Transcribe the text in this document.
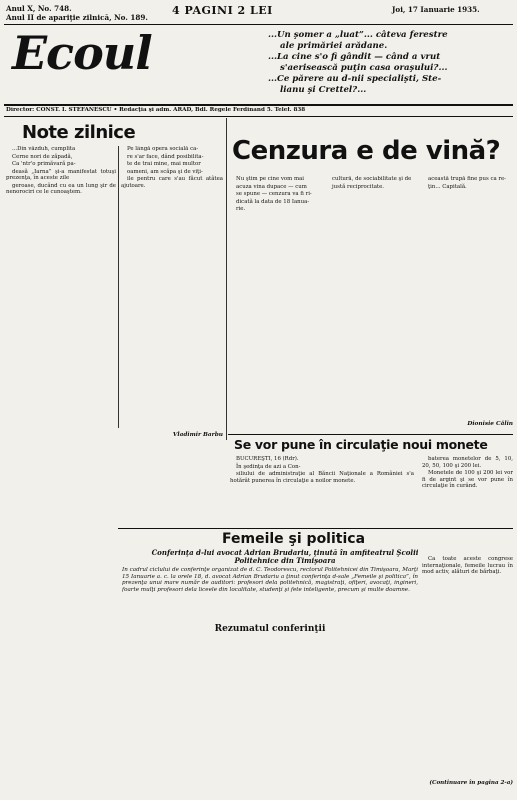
Anul X, No. 748.
Anul II de apariţie zilnică, No. 189.
4 PAGINI 2 LEI	Joi, 17 Ianuarie 1935.
Ecoul	...Un şomer a „luat”... câteva ferestre
ale primăriei arădane.
...La cine s'o fi gândit — când a vrut
s'aerisească puţin casa oraşului?...
...Ce părere au d-nii specialişti, Ste-
lianu şi Crettel?...
Director: CONST. I. STEFĂNESCU • Redacţia şi adm. ARAD, Bdl. Regele Ferdinand 5. Telef. 838
Note zilnice

...Din văzduh, cumplita

Cerne nori de zăpadă,

Ca 'ntr'o primăvară pa-

deasă „Iarna” şi-a manifestat totuşi prezenţa, în aceste zile

geroase, ducând cu ea un lung şir de nenorociri ce le cunoaştem.

Pe lângă opera socială ca-

re s'ar face, dând posibilita-

te de trai mine, mai multor

oameni, am scăpa şi de viţi-

ile pentru care s'au făcut atâtea ajutoare.

Vladimir Barbu
Cenzura e de vină?

Nu ştim pe cine vom mai

acuza vina dupace — cum

se spune — cenzura va fi ri-

dicată la data de 18 Ianua-

rie.

cultură, de sociabilitate şi de

justă reciprocitate.

această trupă fine pus ca re-

ţin... Capitală.

Dionisie Călin
Se vor pune în circulaţie noui monete

BUCUREŞTI, 16 (Rdr).

În şedinţa de azi a Con-

siliului de administraţie al Băncii Naţionale a României s'a hotărât punerea în circulaţie a noilor monete.

baterea monetelor de 5, 10, 20, 50, 100 şi 200 lei.

Monetele de 100 şi 200 lei vor fi de argint şi se vor pune în circulaţie în curând.

Femeile şi politica
Conferinţa d-lui avocat Adrian Brudariu, ţinută în amfiteatrul Şcolii Politehnice din Timişoara
În cadrul ciclului de conferinţe organizat de d. C. Teodorescu, rectorul Politehnicei din Timişoara, Marţi 15 Ianuarie a. c. la orele 18, d. avocat Adrian Brudariu a ţinut conferinţa d-sale „Femeile şi politica”, în prezenţa unui mare număr de auditori: profesori dela politehnică, magistraţi, ofiţeri, avocaţi, ingineri, foarte mulţi profesori dela liceele din localitate, studenţi şi fete inteligente, precum şi multe doamne.
Rezumatul conferinţii

Ca toate aceste congrese internaţionale, femeile lucrau în mod activ, alături de bărbaţi.

(Continuare în pagina 2-a)
